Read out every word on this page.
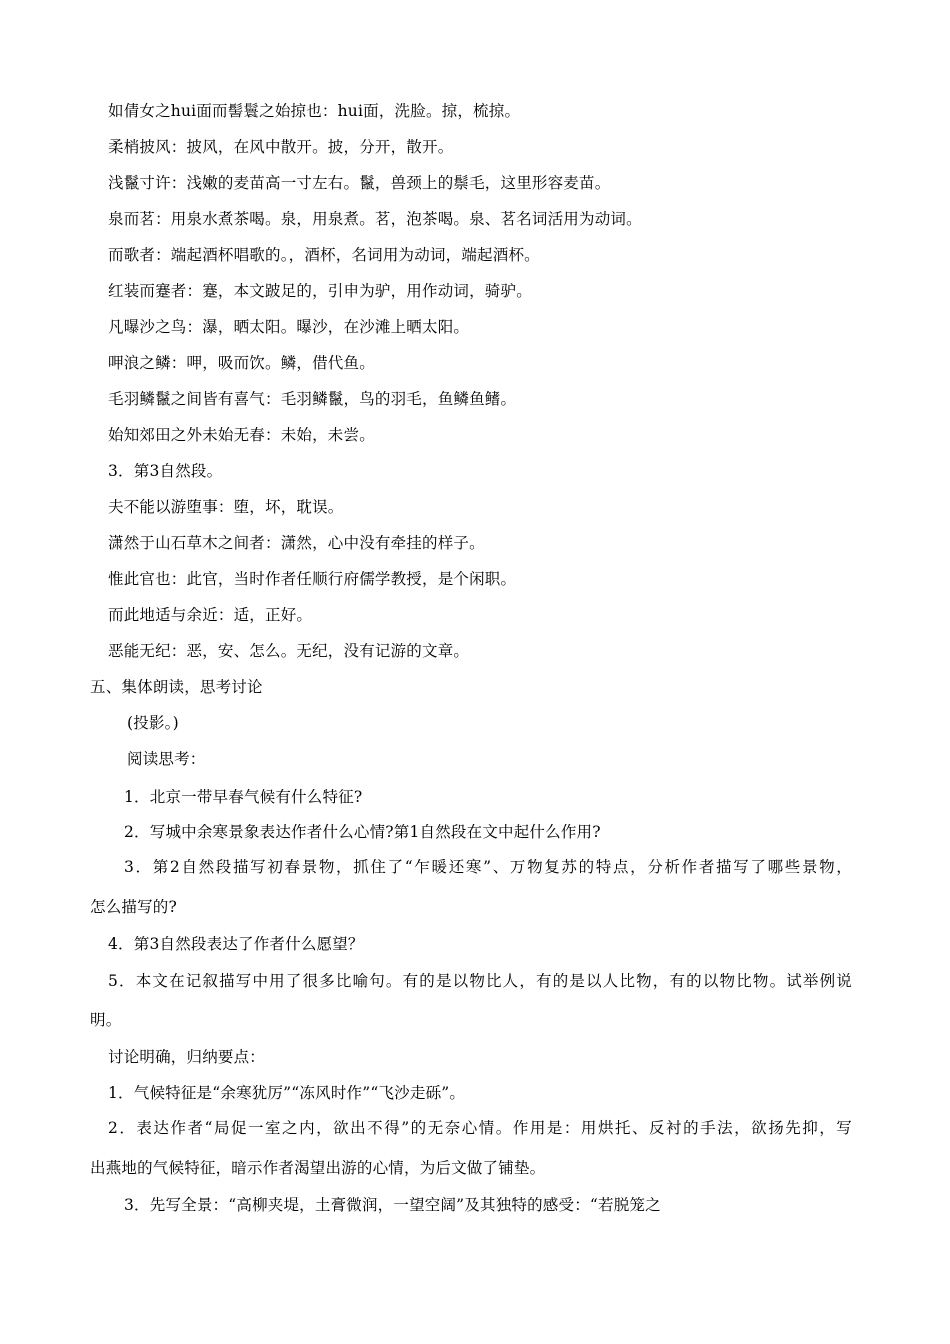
如倩女之hui面而髻鬟之始掠也：hui面，洗脸。掠，梳掠。
柔梢披风：披风，在风中散开。披，分开，散开。
浅鬣寸许：浅嫩的麦苗高一寸左右。鬣，兽颈上的鬃毛，这里形容麦苗。
泉而茗：用泉水煮茶喝。泉，用泉煮。茗，泡茶喝。泉、茗名词活用为动词。
而歌者：端起酒杯唱歌的。，酒杯，名词用为动词，端起酒杯。
红装而蹇者：蹇，本文跛足的，引申为驴，用作动词，骑驴。
凡曝沙之鸟：瀑，晒太阳。曝沙，在沙滩上晒太阳。
呷浪之鳞：呷，吸而饮。鳞，借代鱼。
毛羽鳞鬣之间皆有喜气：毛羽鳞鬣，鸟的羽毛，鱼鳞鱼鳍。
始知郊田之外未始无春：未始，未尝。
3．第3自然段。
夫不能以游堕事：堕，坏，耽误。
潇然于山石草木之间者：潇然，心中没有牵挂的样子。
惟此官也：此官，当时作者任顺行府儒学教授，是个闲职。
而此地适与余近：适，正好。
恶能无纪：恶，安、怎么。无纪，没有记游的文章。
五、集体朗读，思考讨论
(投影。)
阅读思考：
1．北京一带早春气候有什么特征?
2．写城中余寒景象表达作者什么心情?第1自然段在文中起什么作用?
3．第2自然段描写初春景物，抓住了“乍暖还寒”、万物复苏的特点，分析作者描写了哪些景物，
怎么描写的?
4．第3自然段表达了作者什么愿望？
5．本文在记叙描写中用了很多比喻句。有的是以物比人，有的是以人比物，有的以物比物。试举例说
明。
讨论明确，归纳要点：
1．气候特征是“余寒犹厉”“冻风时作”“飞沙走砾”。
2．表达作者“局促一室之内，欲出不得”的无奈心情。作用是：用烘托、反衬的手法，欲扬先抑，写
出燕地的气候特征，暗示作者渴望出游的心情，为后文做了铺垫。
3．先写全景：“高柳夹堤，土膏微润，一望空阔”及其独特的感受：“若脱笼之
